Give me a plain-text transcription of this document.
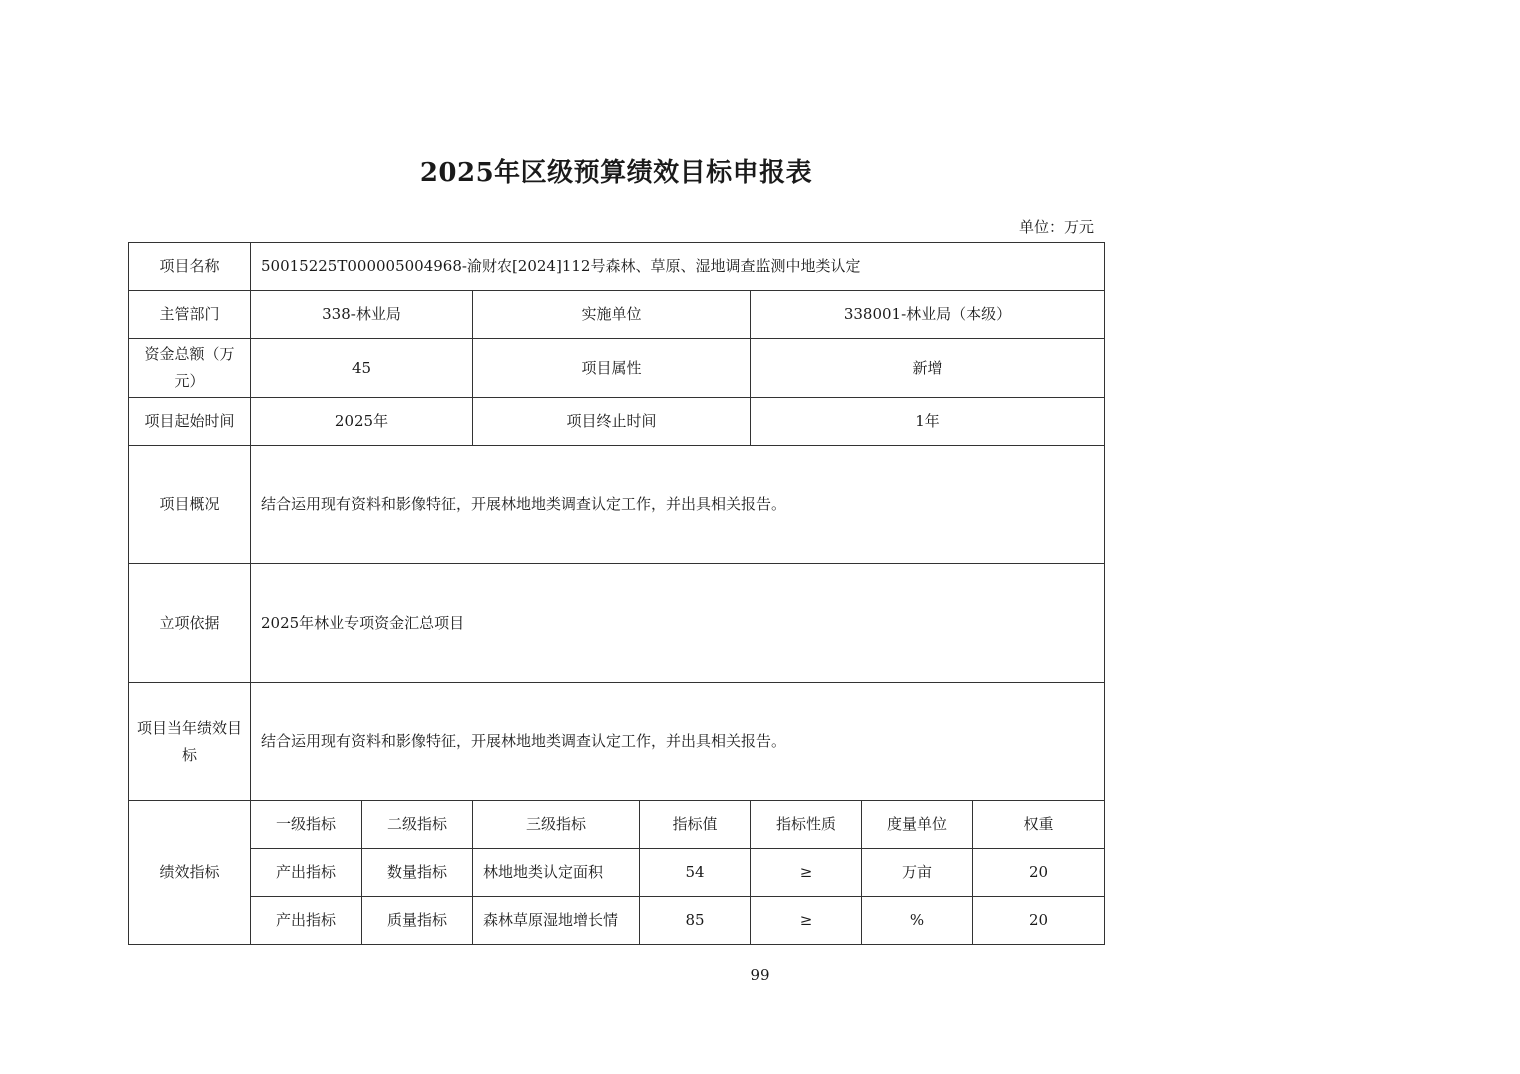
2025年区级预算绩效目标申报表
单位：万元
项目名称	50015225T000005004968-渝财农[2024]112号森林、草原、湿地调查监测中地类认定						
主管部门	338-林业局		实施单位		338001-林业局（本级）		
资金总额（万元）	45		项目属性		新增		
项目起始时间	2025年		项目终止时间		1年		
项目概况	结合运用现有资料和影像特征，开展林地地类调查认定工作，并出具相关报告。						
立项依据	2025年林业专项资金汇总项目						
项目当年绩效目标	结合运用现有资料和影像特征，开展林地地类调查认定工作，并出具相关报告。						
绩效指标	一级指标	二级指标	三级指标	指标值	指标性质	度量单位	权重
	产出指标	数量指标	林地地类认定面积	54	≥	万亩	20
	产出指标	质量指标	森林草原湿地增长情	85	≥	%	20
99
